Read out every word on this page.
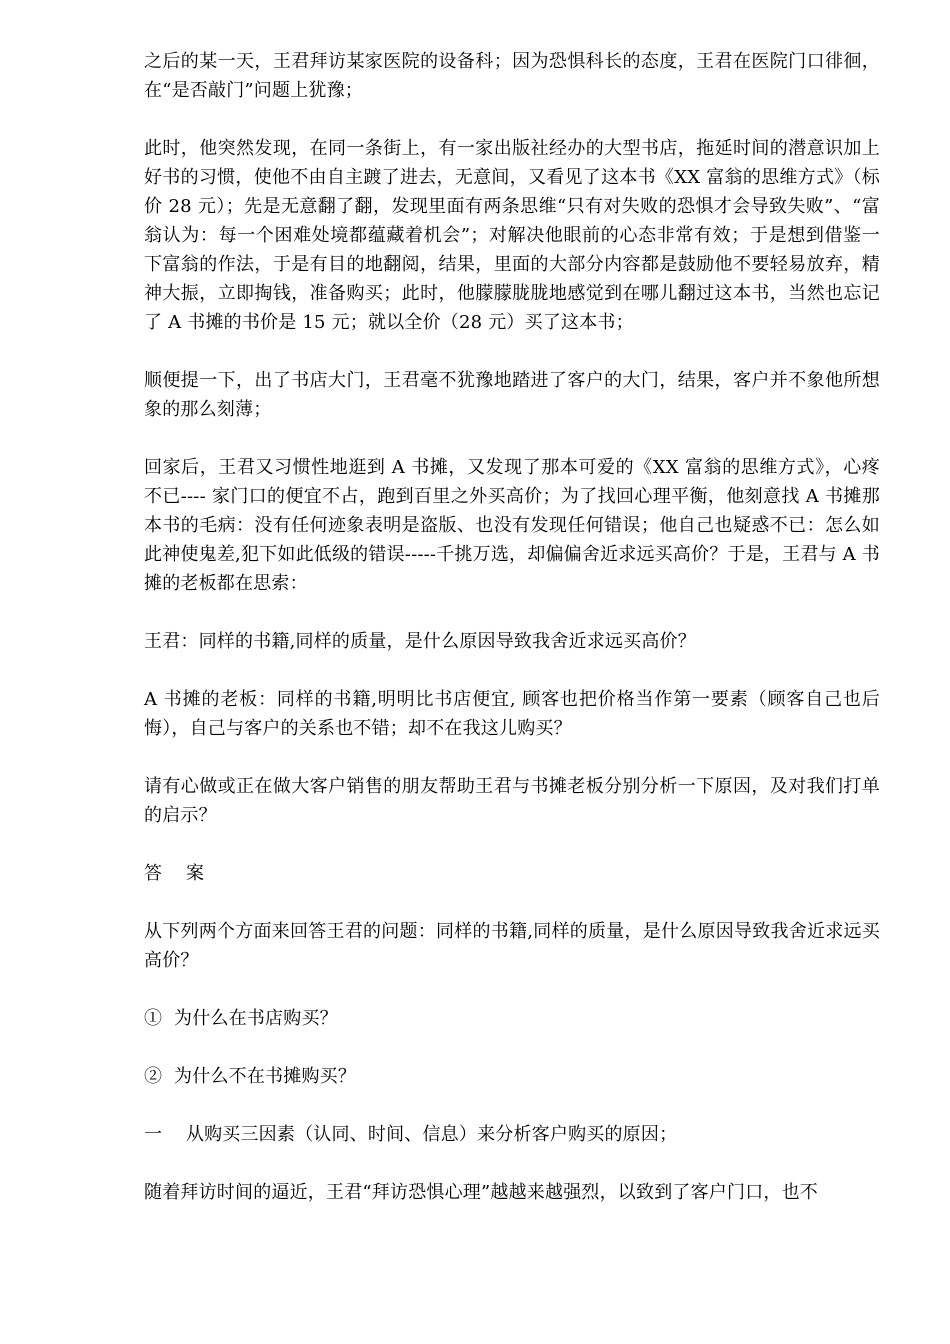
之后的某一天，王君拜访某家医院的设备科；因为恐惧科长的态度，王君在医院门口徘徊，在“是否敲门”问题上犹豫；

此时，他突然发现，在同一条街上，有一家出版社经办的大型书店，拖延时间的潜意识加上好书的习惯，使他不由自主踱了进去，无意间，又看见了这本书《XX 富翁的思维方式》（标价 28 元）；先是无意翻了翻，发现里面有两条思维“只有对失败的恐惧才会导致失败”、“富翁认为：每一个困难处境都蕴藏着机会”；对解决他眼前的心态非常有效；于是想到借鉴一下富翁的作法，于是有目的地翻阅，结果，里面的大部分内容都是鼓励他不要轻易放弃，精神大振，立即掏钱，准备购买；此时，他朦朦胧胧地感觉到在哪儿翻过这本书，当然也忘记了 A 书摊的书价是 15 元；就以全价（28 元）买了这本书；

顺便提一下，出了书店大门，王君毫不犹豫地踏进了客户的大门，结果，客户并不象他所想象的那么刻薄；

回家后，王君又习惯性地逛到 A 书摊，又发现了那本可爱的《XX 富翁的思维方式》，心疼不已---- 家门口的便宜不占，跑到百里之外买高价；为了找回心理平衡，他刻意找 A 书摊那本书的毛病：没有任何迹象表明是盗版、也没有发现任何错误；他自己也疑惑不已：怎么如此神使鬼差,犯下如此低级的错误-----千挑万选，却偏偏舍近求远买高价？于是，王君与 A 书摊的老板都在思索：

王君：同样的书籍,同样的质量，是什么原因导致我舍近求远买高价？

A 书摊的老板：同样的书籍,明明比书店便宜, 顾客也把价格当作第一要素（顾客自己也后悔），自己与客户的关系也不错；却不在我这儿购买？

请有心做或正在做大客户销售的朋友帮助王君与书摊老板分别分析一下原因，及对我们打单的启示？

答案

从下列两个方面来回答王君的问题：同样的书籍,同样的质量，是什么原因导致我舍近求远买高价？

①  为什么在书店购买？

②  为什么不在书摊购买？

一    从购买三因素（认同、时间、信息）来分析客户购买的原因；

随着拜访时间的逼近，王君“拜访恐惧心理”越越来越强烈，以致到了客户门口，也不
